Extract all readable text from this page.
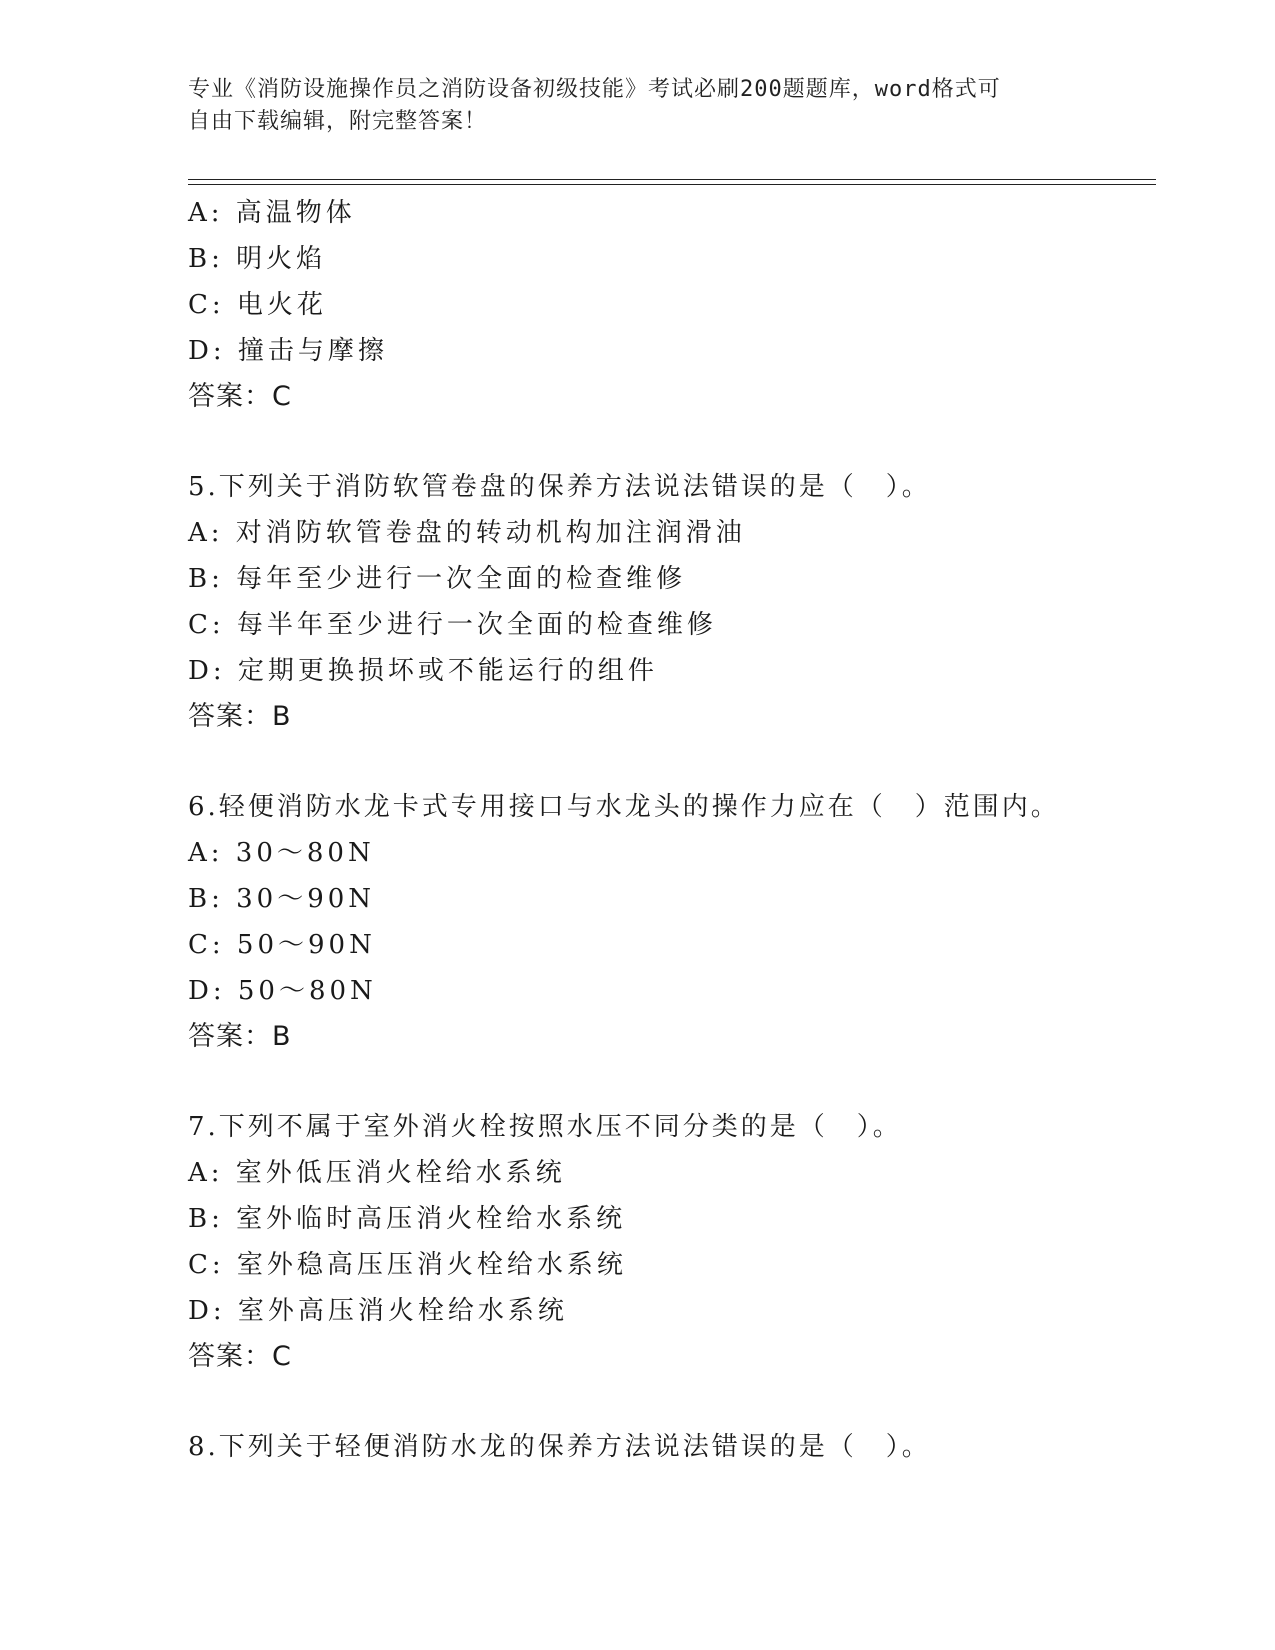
专业《消防设施操作员之消防设备初级技能》考试必刷200题题库，word格式可
自由下载编辑，附完整答案！
A: 高温物体
B: 明火焰
C: 电火花
D: 撞击与摩擦
答案：C
5.下列关于消防软管卷盘的保养方法说法错误的是（　）。
A: 对消防软管卷盘的转动机构加注润滑油
B: 每年至少进行一次全面的检查维修
C: 每半年至少进行一次全面的检查维修
D: 定期更换损坏或不能运行的组件
答案：B
6.轻便消防水龙卡式专用接口与水龙头的操作力应在（　）范围内。
A: 30～80N
B: 30～90N
C: 50～90N
D: 50～80N
答案：B
7.下列不属于室外消火栓按照水压不同分类的是（　）。
A: 室外低压消火栓给水系统
B: 室外临时高压消火栓给水系统
C: 室外稳高压压消火栓给水系统
D: 室外高压消火栓给水系统
答案：C
8.下列关于轻便消防水龙的保养方法说法错误的是（　）。
